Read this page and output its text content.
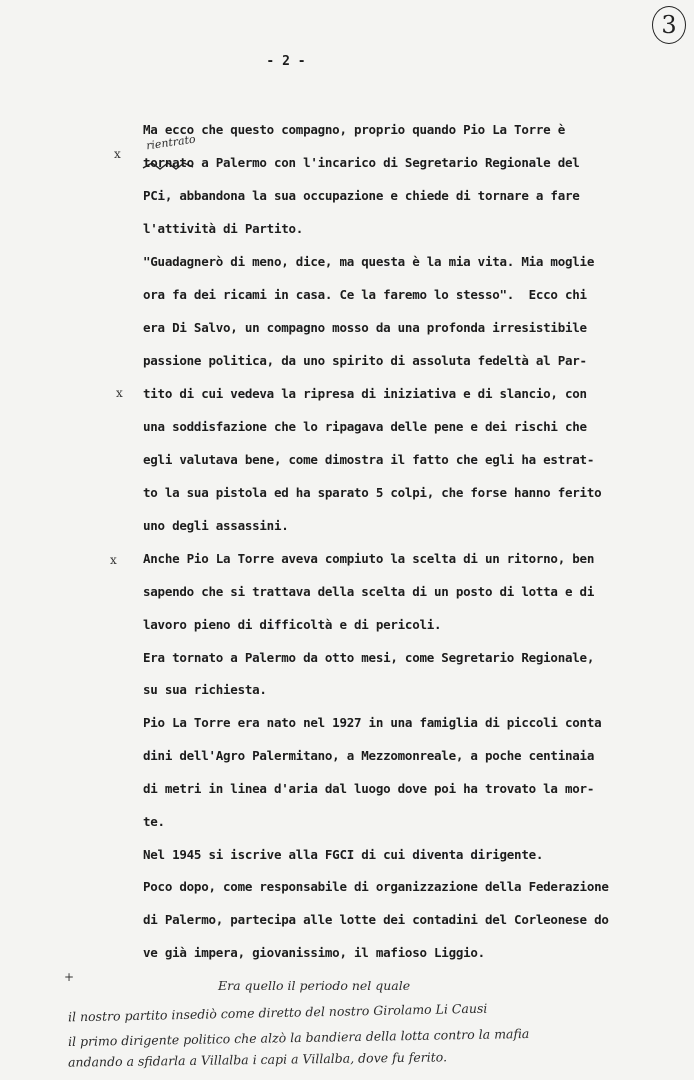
3
- 2 -
rientrato
x
x
x
+
Ma ecco che questo compagno, proprio quando Pio La Torre è
tornato a Palermo con l'incarico di Segretario Regionale del
PCi, abbandona la sua occupazione e chiede di tornare a fare
l'attività di Partito.
"Guadagnerò di meno, dice, ma questa è la mia vita. Mia moglie
ora fa dei ricami in casa. Ce la faremo lo stesso".  Ecco chi
era Di Salvo, un compagno mosso da una profonda irresistibile
passione politica, da uno spirito di assoluta fedeltà al Par-
tito di cui vedeva la ripresa di iniziativa e di slancio, con
una soddisfazione che lo ripagava delle pene e dei rischi che
egli valutava bene, come dimostra il fatto che egli ha estrat-
to la sua pistola ed ha sparato 5 colpi, che forse hanno ferito
uno degli assassini.
Anche Pio La Torre aveva compiuto la scelta di un ritorno, ben
sapendo che si trattava della scelta di un posto di lotta e di
lavoro pieno di difficoltà e di pericoli.
Era tornato a Palermo da otto mesi, come Segretario Regionale,
su sua richiesta.
Pio La Torre era nato nel 1927 in una famiglia di piccoli conta
dini dell'Agro Palermitano, a Mezzomonreale, a poche centinaia
di metri in linea d'aria dal luogo dove poi ha trovato la mor-
te.
Nel 1945 si iscrive alla FGCI di cui diventa dirigente.
Poco dopo, come responsabile di organizzazione della Federazione
di Palermo, partecipa alle lotte dei contadini del Corleonese do
ve già impera, giovanissimo, il mafioso Liggio.
Era quello il periodo nel quale
il nostro partito insediò come diretto del nostro Girolamo Li Causi
il primo dirigente politico che alzò la bandiera della lotta contro la mafia
andando a sfidarla a Villalba i capi a Villalba, dove fu ferito.
